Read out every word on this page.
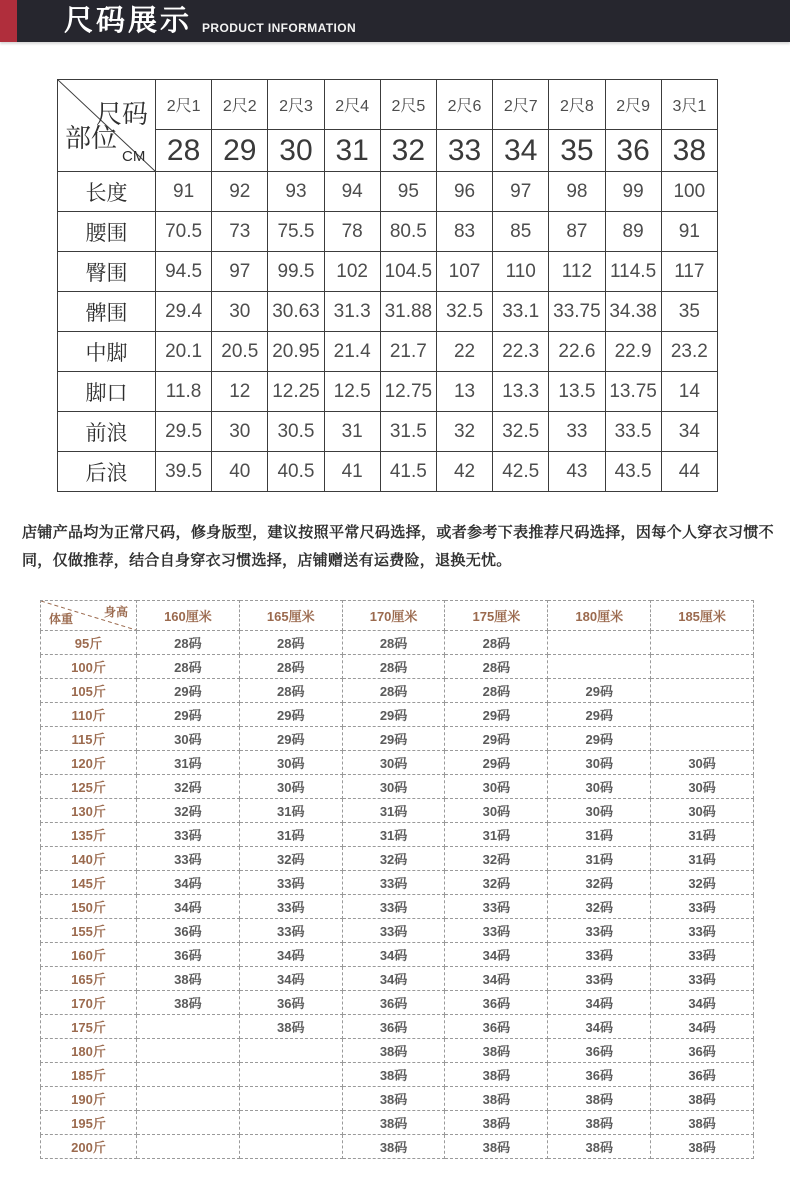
尺码展示 PRODUCT INFORMATION
尺码
部位
CM	2尺1	2尺2	2尺3	2尺4	2尺5	2尺6	2尺7	2尺8	2尺9	3尺1
	28	29	30	31	32	33	34	35	36	38
长度	91	92	93	94	95	96	97	98	99	100
腰围	70.5	73	75.5	78	80.5	83	85	87	89	91
臀围	94.5	97	99.5	102	104.5	107	110	112	114.5	117
髀围	29.4	30	30.63	31.3	31.88	32.5	33.1	33.75	34.38	35
中脚	20.1	20.5	20.95	21.4	21.7	22	22.3	22.6	22.9	23.2
脚口	11.8	12	12.25	12.5	12.75	13	13.3	13.5	13.75	14
前浪	29.5	30	30.5	31	31.5	32	32.5	33	33.5	34
后浪	39.5	40	40.5	41	41.5	42	42.5	43	43.5	44

店铺产品均为正常尺码，修身版型，建议按照平常尺码选择，或者参考下表推荐尺码选择，因每个人穿衣习惯不同，仅做推荐，结合自身穿衣习惯选择，店铺赠送有运费险，退换无忧。

身高
体重	160厘米	165厘米	170厘米	175厘米	180厘米	185厘米
95斤	28码	28码	28码	28码		
100斤	28码	28码	28码	28码		
105斤	29码	28码	28码	28码	29码	
110斤	29码	29码	29码	29码	29码	
115斤	30码	29码	29码	29码	29码	
120斤	31码	30码	30码	29码	30码	30码
125斤	32码	30码	30码	30码	30码	30码
130斤	32码	31码	31码	30码	30码	30码
135斤	33码	31码	31码	31码	31码	31码
140斤	33码	32码	32码	32码	31码	31码
145斤	34码	33码	33码	32码	32码	32码
150斤	34码	33码	33码	33码	32码	33码
155斤	36码	33码	33码	33码	33码	33码
160斤	36码	34码	34码	34码	33码	33码
165斤	38码	34码	34码	34码	33码	33码
170斤	38码	36码	36码	36码	34码	34码
175斤		38码	36码	36码	34码	34码
180斤			38码	38码	36码	36码
185斤			38码	38码	36码	36码
190斤			38码	38码	38码	38码
195斤			38码	38码	38码	38码
200斤			38码	38码	38码	38码
